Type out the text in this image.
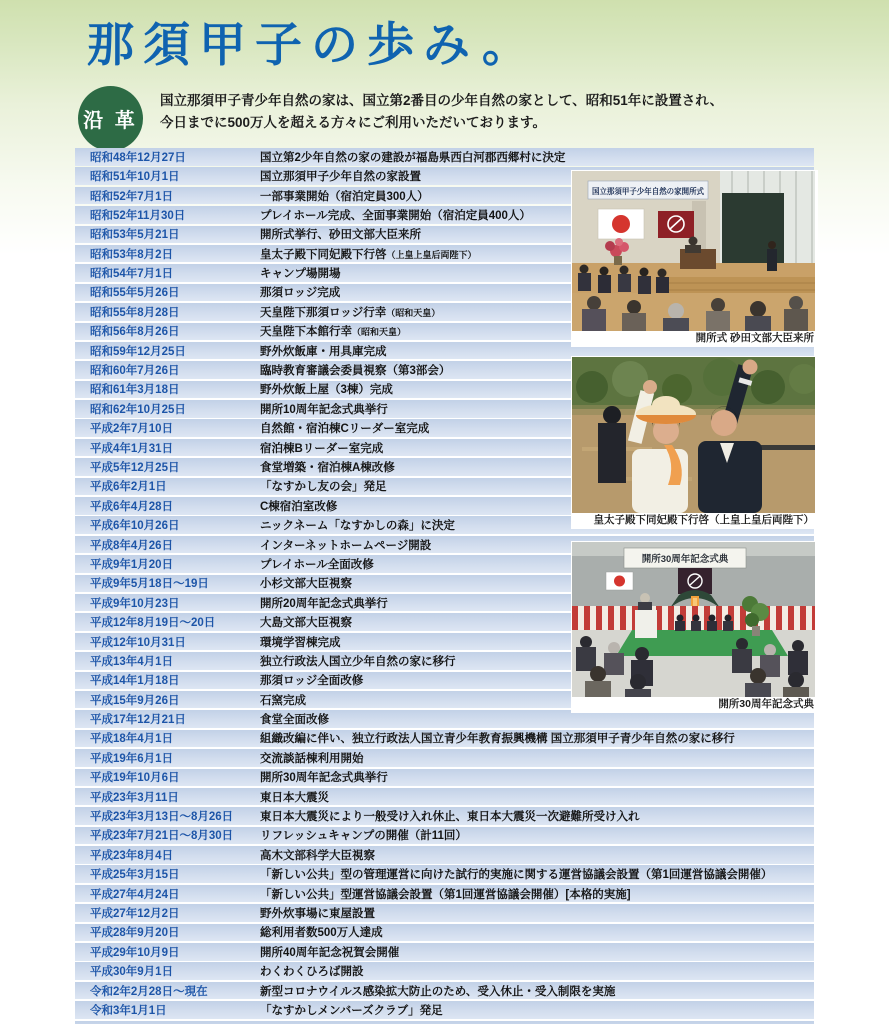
那須甲子の歩み。
沿 革
国立那須甲子青少年自然の家は、国立第2番目の少年自然の家として、昭和51年に設置され、
今日までに500万人を超える方々にご利用いただいております。
昭和48年12月27日	国立第2少年自然の家の建設が福島県西白河郡西郷村に決定
昭和51年10月1日	国立那須甲子少年自然の家設置
昭和52年7月1日	一部事業開始（宿泊定員300人）
昭和52年11月30日	プレイホール完成、全面事業開始（宿泊定員400人）
昭和53年5月21日	開所式挙行、砂田文部大臣来所
昭和53年8月2日	皇太子殿下同妃殿下行啓（上皇上皇后両陛下）
昭和54年7月1日	キャンプ場開場
昭和55年5月26日	那須ロッジ完成
昭和55年8月28日	天皇陛下那須ロッジ行幸（昭和天皇）
昭和56年8月26日	天皇陛下本館行幸（昭和天皇）
昭和59年12月25日	野外炊飯庫・用具庫完成
昭和60年7月26日	臨時教育審議会委員視察（第3部会）
昭和61年3月18日	野外炊飯上屋（3棟）完成
昭和62年10月25日	開所10周年記念式典挙行
平成2年7月10日	自然館・宿泊棟Cリーダー室完成
平成4年1月31日	宿泊棟Bリーダー室完成
平成5年12月25日	食堂増築・宿泊棟A棟改修
平成6年2月1日	「なすかし友の会」発足
平成6年4月28日	C棟宿泊室改修
平成6年10月26日	ニックネーム「なすかしの森」に決定
平成8年4月26日	インターネットホームページ開設
平成9年1月20日	プレイホール全面改修
平成9年5月18日～19日	小杉文部大臣視察
平成9年10月23日	開所20周年記念式典挙行
平成12年8月19日～20日	大島文部大臣視察
平成12年10月31日	環境学習棟完成
平成13年4月1日	独立行政法人国立少年自然の家に移行
平成14年1月18日	那須ロッジ全面改修
平成15年9月26日	石窯完成
平成17年12月21日	食堂全面改修
平成18年4月1日	組織改編に伴い、独立行政法人国立青少年教育振興機構 国立那須甲子青少年自然の家に移行
平成19年6月1日	交流談話棟利用開始
平成19年10月6日	開所30周年記念式典挙行
平成23年3月11日	東日本大震災
平成23年3月13日～8月26日	東日本大震災により一般受け入れ休止、東日本大震災一次避難所受け入れ
平成23年7月21日～8月30日	リフレッシュキャンプの開催（計11回）
平成23年8月4日	高木文部科学大臣視察
平成25年3月15日	「新しい公共」型の管理運営に向けた試行的実施に関する運営協議会設置（第1回運営協議会開催）
平成27年4月24日	「新しい公共」型運営協議会設置（第1回運営協議会開催）[本格的実施]
平成27年12月2日	野外炊事場に東屋設置
平成28年9月20日	総利用者数500万人達成
平成29年10月9日	開所40周年記念祝賀会開催
平成30年9月1日	わくわくひろば開設
令和2年2月28日～現在	新型コロナウイルス感染拡大防止のため、受入休止・受入制限を実施
令和3年1月1日	「なすかしメンバーズクラブ」発足
国立那須甲子少年自然の家開所式
開所式 砂田文部大臣来所
皇太子殿下同妃殿下行啓（上皇上皇后両陛下）
開所30周年記念式典
開所30周年記念式典
